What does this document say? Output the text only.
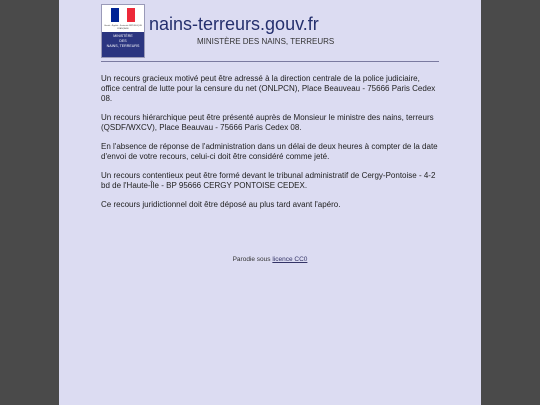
Liberté • Égalité • Fraternité RÉPUBLIQUE FRANÇAISE
MINISTÈRE
DES
NAINS, TERREURS
nains-terreurs.gouv.fr
MINISTÈRE DES NAINS, TERREURS

Un recours gracieux motivé peut être adressé à la direction centrale de la police judiciaire, office central de lutte pour la censure du net (ONLPCN), Place Beauveau - 75666 Paris Cedex 08.

Un recours hiérarchique peut être présenté auprès de Monsieur le ministre des nains, terreurs (QSDF/WXCV), Place Beauvau - 75666 Paris Cedex 08.

En l'absence de réponse de l'administration dans un délai de deux heures à compter de la date d'envoi de votre recours, celui-ci doit être considéré comme jeté.

Un recours contentieux peut être formé devant le tribunal administratif de Cergy-Pontoise - 4-2 bd de l'Haute-Île - BP 95666 CERGY PONTOISE CEDEX.

Ce recours juridictionnel doit être déposé au plus tard avant l'apéro.

Parodie sous licence CC0
